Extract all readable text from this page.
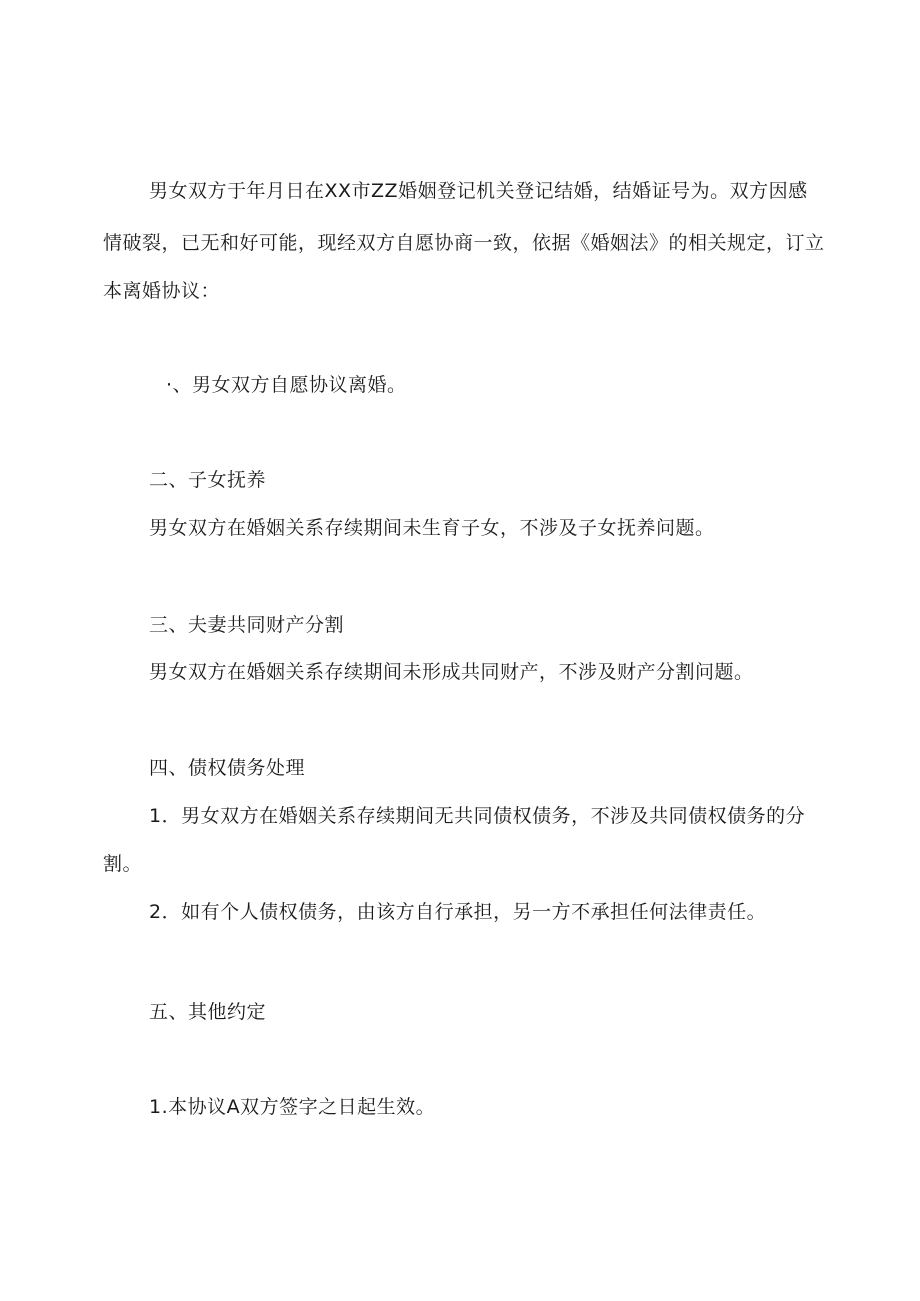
男女双方于年月日在XX市ZZ婚姻登记机关登记结婚，结婚证号为。双方因感
情破裂，已无和好可能，现经双方自愿协商一致，依据《婚姻法》的相关规定，订立
本离婚协议：
·、男女双方自愿协议离婚。
二、子女抚养
男女双方在婚姻关系存续期间未生育子女，不涉及子女抚养问题。
三、夫妻共同财产分割
男女双方在婚姻关系存续期间未形成共同财产，不涉及财产分割问题。
四、债权债务处理
1．男女双方在婚姻关系存续期间无共同债权债务，不涉及共同债权债务的分
割。
2．如有个人债权债务，由该方自行承担，另一方不承担任何法律责任。
五、其他约定
1.本协议A双方签字之日起生效。
